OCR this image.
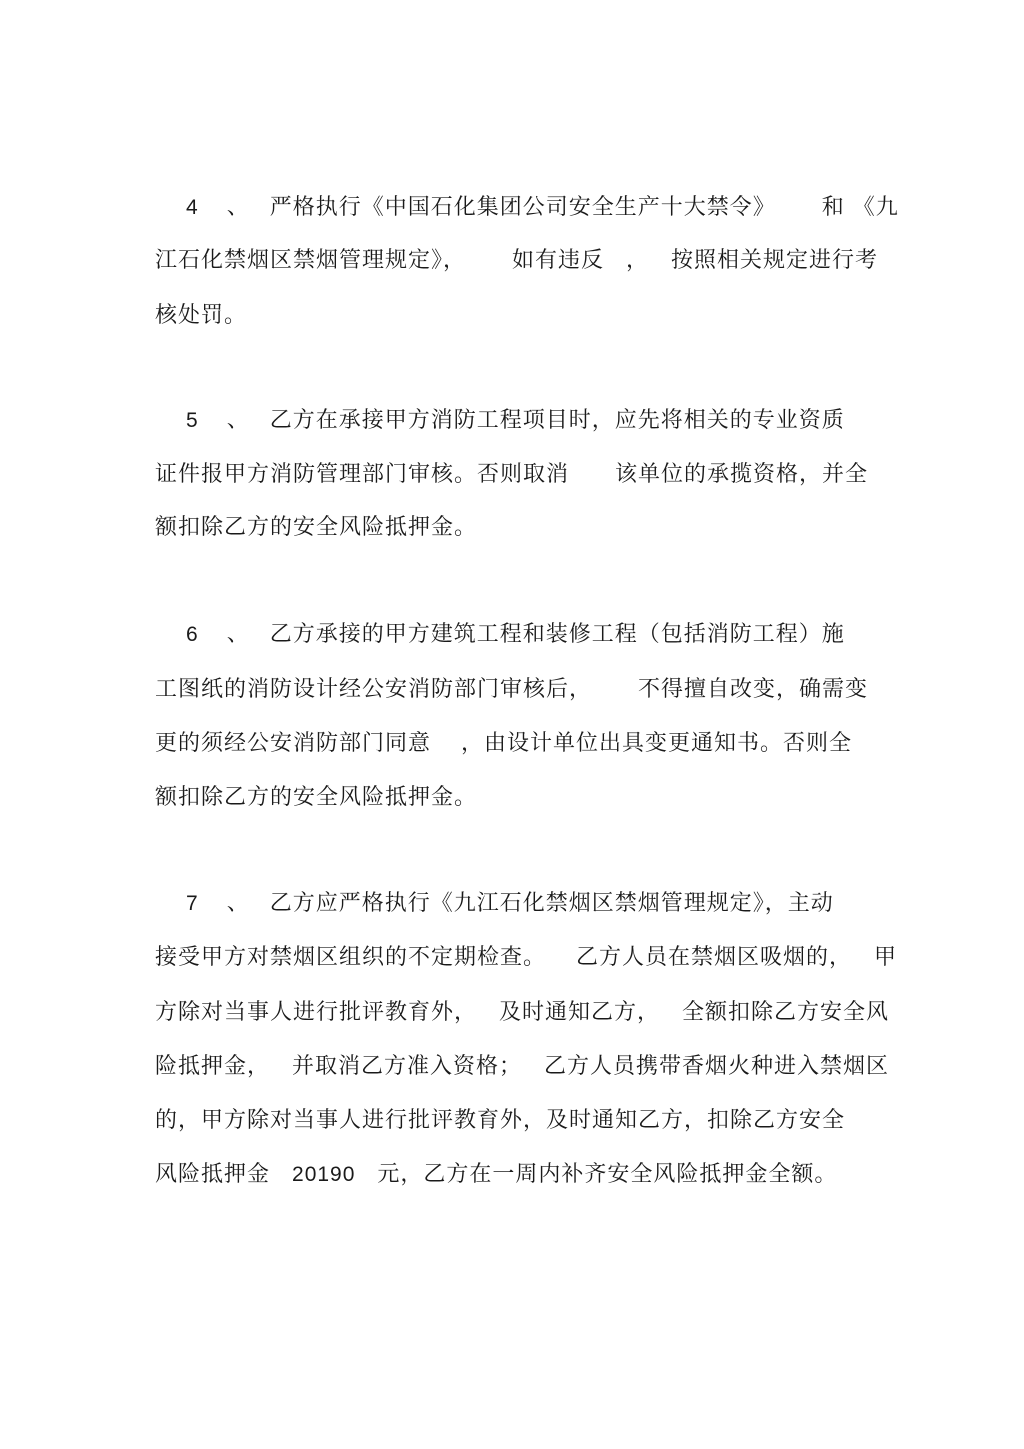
4 、 严格执行《中国石化集团公司安全生产十大禁令》 和 《九
江石化禁烟区禁烟管理规定》， 如有违反 ， 按照相关规定进行考
核处罚。
5 、 乙方在承接甲方消防工程项目时，应先将相关的专业资质
证件报甲方消防管理部门审核。否则取消 该单位的承揽资格，并全
额扣除乙方的安全风险抵押金。
6 、 乙方承接的甲方建筑工程和装修工程（包括消防工程）施
工图纸的消防设计经公安消防部门审核后， 不得擅自改变，确需变
更的须经公安消防部门同意 ，由设计单位出具变更通知书。否则全
额扣除乙方的安全风险抵押金。
7 、 乙方应严格执行《九江石化禁烟区禁烟管理规定》，主动
接受甲方对禁烟区组织的不定期检查。 乙方人员在禁烟区吸烟的， 甲
方除对当事人进行批评教育外， 及时通知乙方， 全额扣除乙方安全风
险抵押金， 并取消乙方准入资格； 乙方人员携带香烟火种进入禁烟区
的，甲方除对当事人进行批评教育外，及时通知乙方，扣除乙方安全
风险抵押金 20190 元，乙方在一周内补齐安全风险抵押金全额。
